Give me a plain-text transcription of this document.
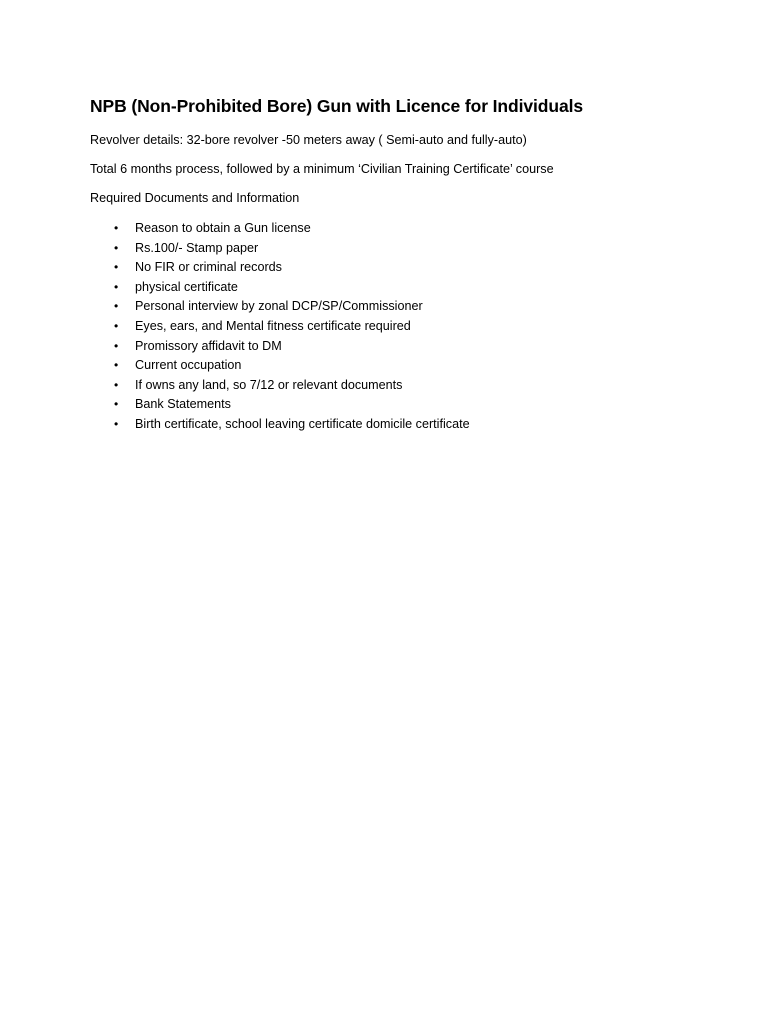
NPB (Non-Prohibited Bore) Gun with Licence for Individuals

Revolver details: 32-bore revolver -50 meters away ( Semi-auto and fully-auto)

Total 6 months process, followed by a minimum ‘Civilian Training Certificate’ course

Required Documents and Information

•	Reason to obtain a Gun license
•	Rs.100/- Stamp paper
•	No FIR or criminal records
•	physical certificate
•	Personal interview by zonal DCP/SP/Commissioner
•	Eyes, ears, and Mental fitness certificate required
•	Promissory affidavit to DM
•	Current occupation
•	If owns any land, so 7/12 or relevant documents
•	Bank Statements
•	Birth certificate, school leaving certificate domicile certificate
